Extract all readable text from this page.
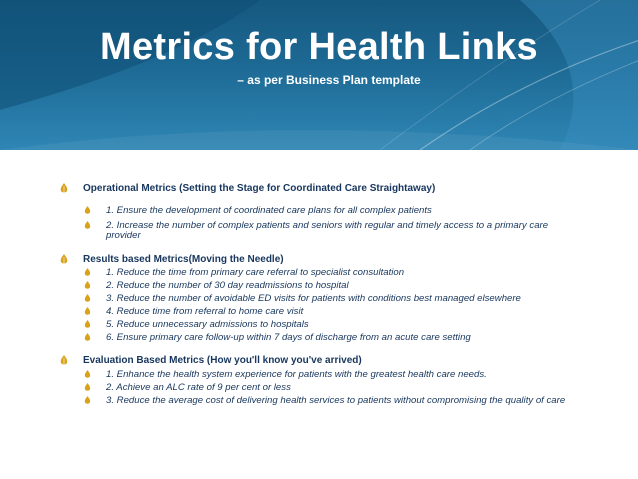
Metrics for Health Links
– as per Business Plan template
Operational Metrics (Setting the Stage for Coordinated Care Straightaway)
1. Ensure the development of coordinated care plans for all complex patients
2. Increase the number of complex patients and seniors with regular and timely access to a primary care provider
Results based Metrics(Moving the Needle)
1. Reduce the time from primary care referral to specialist consultation
2. Reduce the number of 30 day readmissions to hospital
3. Reduce the number of avoidable ED visits for patients with conditions best managed elsewhere
4. Reduce time from referral to home care visit
5. Reduce unnecessary admissions to hospitals
6. Ensure primary care follow-up within 7 days of discharge from an acute care setting
Evaluation Based Metrics (How you'll know you've arrived)
1. Enhance the health system experience for patients with the greatest health care needs.
2. Achieve an ALC rate of 9 per cent or less
3. Reduce the average cost of delivering health services to patients without compromising the quality of care
